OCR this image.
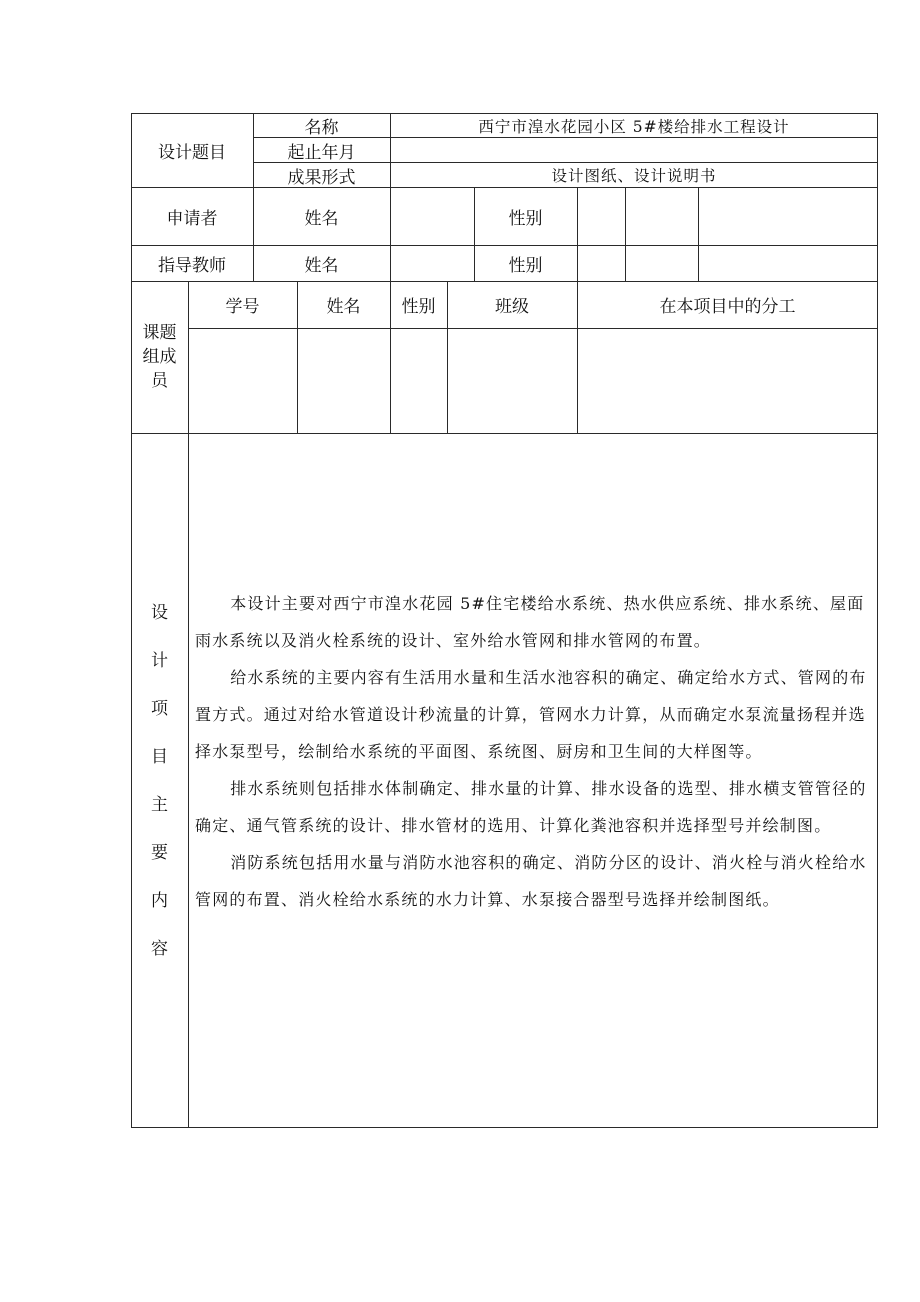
设计题目
名称	西宁市湟水花园小区 5#楼给排水工程设计
起止年月
成果形式	设计图纸、设计说明书
申请者	姓名	性别
指导教师	姓名	性别
课题
组成
员
学号	姓名	性别	班级	在本项目中的分工
设
计
项
目
主
要
内
容

本设计主要对西宁市湟水花园 5#住宅楼给水系统、热水供应系统、排水系统、屋面雨水系统以及消火栓系统的设计、室外给水管网和排水管网的布置。

给水系统的主要内容有生活用水量和生活水池容积的确定、确定给水方式、管网的布置方式。通过对给水管道设计秒流量的计算，管网水力计算，从而确定水泵流量扬程并选择水泵型号，绘制给水系统的平面图、系统图、厨房和卫生间的大样图等。

排水系统则包括排水体制确定、排水量的计算、排水设备的选型、排水横支管管径的确定、通气管系统的设计、排水管材的选用、计算化粪池容积并选择型号并绘制图。

消防系统包括用水量与消防水池容积的确定、消防分区的设计、消火栓与消火栓给水管网的布置、消火栓给水系统的水力计算、水泵接合器型号选择并绘制图纸。
